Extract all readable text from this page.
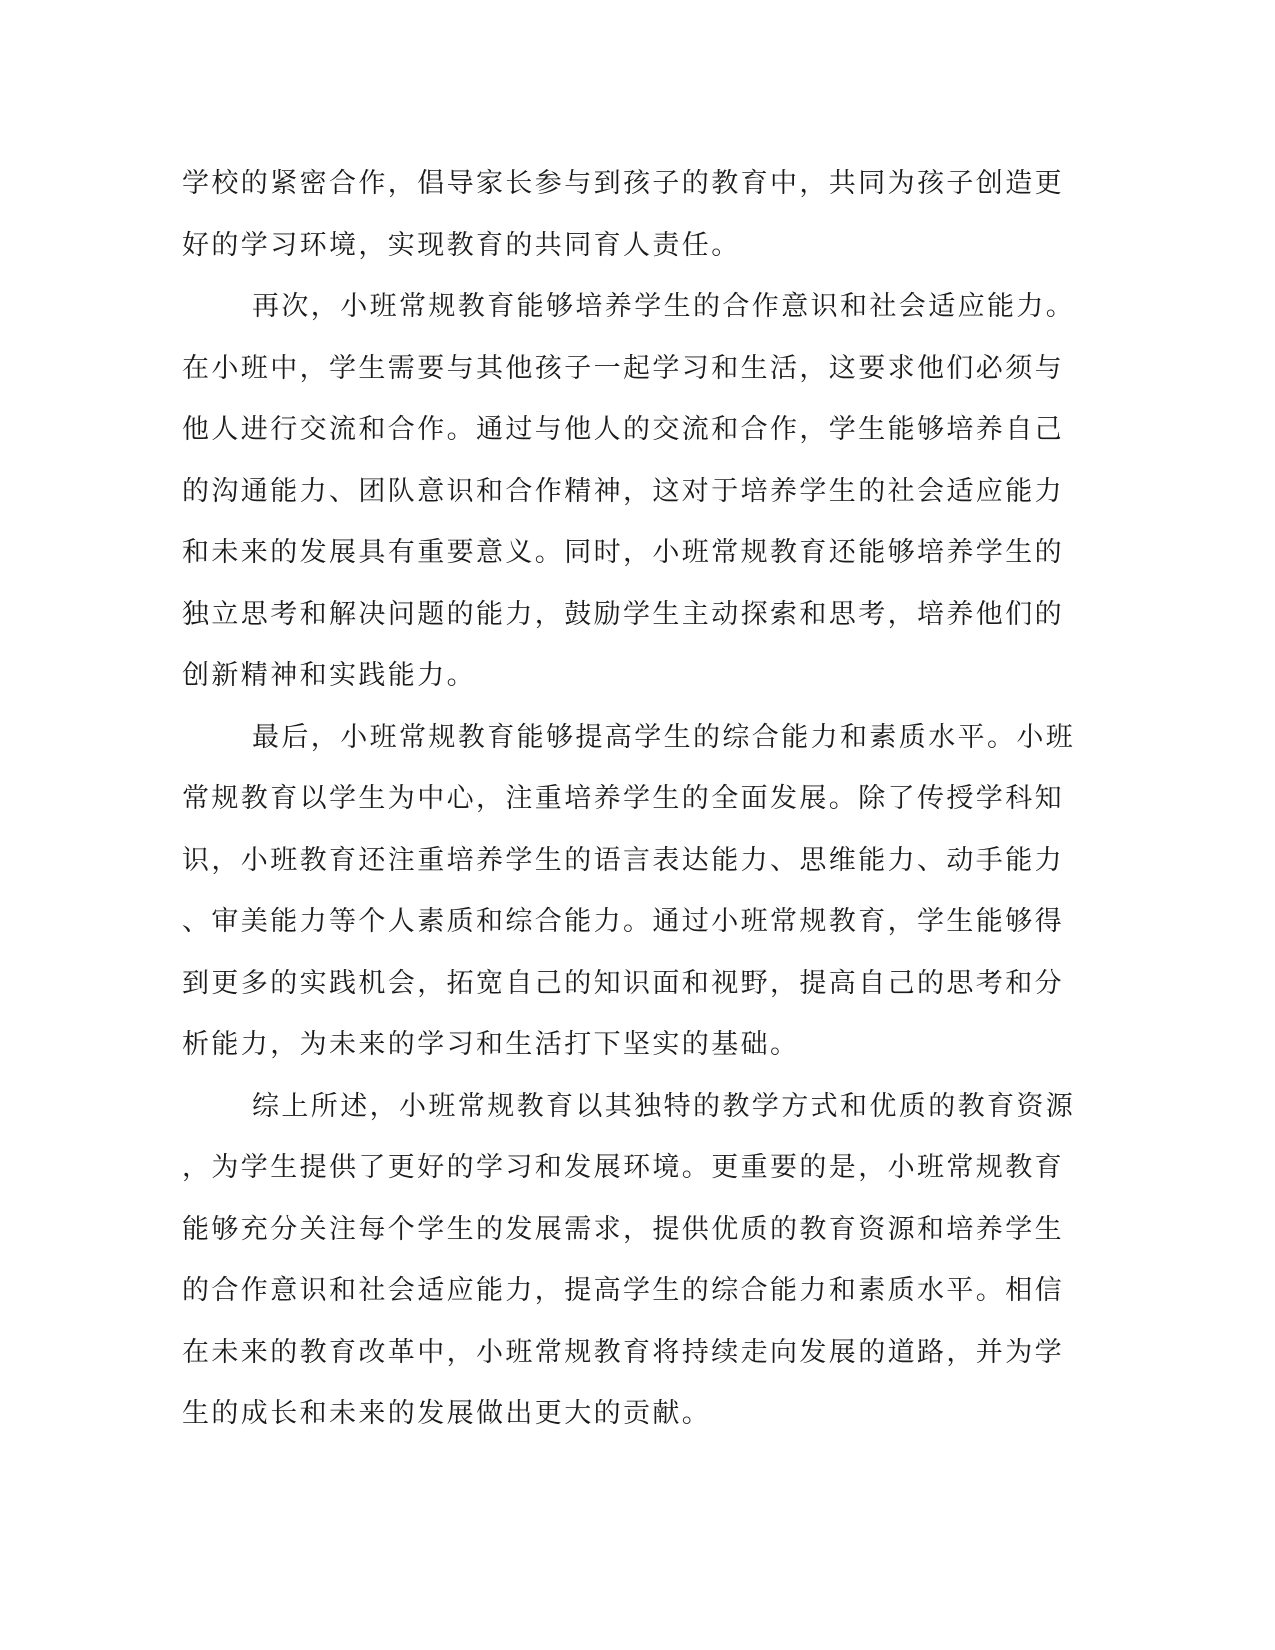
学校的紧密合作，倡导家长参与到孩子的教育中，共同为孩子创造更
好的学习环境，实现教育的共同育人责任。
再次，小班常规教育能够培养学生的合作意识和社会适应能力。
在小班中，学生需要与其他孩子一起学习和生活，这要求他们必须与
他人进行交流和合作。通过与他人的交流和合作，学生能够培养自己
的沟通能力、团队意识和合作精神，这对于培养学生的社会适应能力
和未来的发展具有重要意义。同时，小班常规教育还能够培养学生的
独立思考和解决问题的能力，鼓励学生主动探索和思考，培养他们的
创新精神和实践能力。
最后，小班常规教育能够提高学生的综合能力和素质水平。小班
常规教育以学生为中心，注重培养学生的全面发展。除了传授学科知
识，小班教育还注重培养学生的语言表达能力、思维能力、动手能力
、审美能力等个人素质和综合能力。通过小班常规教育，学生能够得
到更多的实践机会，拓宽自己的知识面和视野，提高自己的思考和分
析能力，为未来的学习和生活打下坚实的基础。
综上所述，小班常规教育以其独特的教学方式和优质的教育资源
，为学生提供了更好的学习和发展环境。更重要的是，小班常规教育
能够充分关注每个学生的发展需求，提供优质的教育资源和培养学生
的合作意识和社会适应能力，提高学生的综合能力和素质水平。相信
在未来的教育改革中，小班常规教育将持续走向发展的道路，并为学
生的成长和未来的发展做出更大的贡献。
